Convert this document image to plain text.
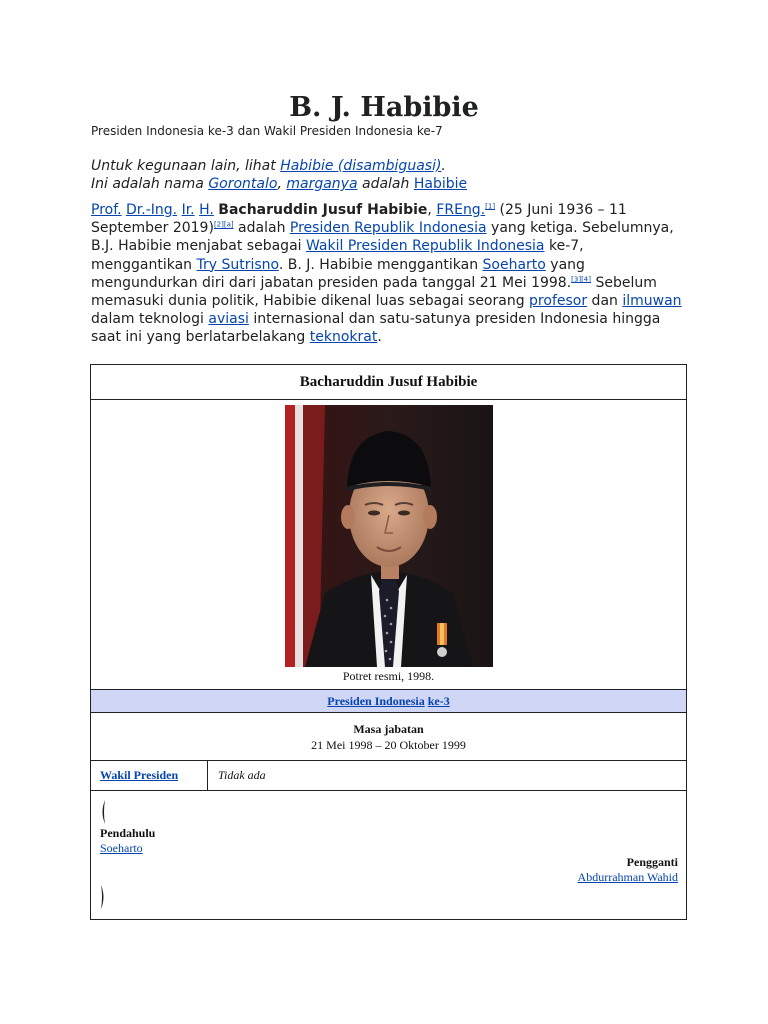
B. J. Habibie
Presiden Indonesia ke-3 dan Wakil Presiden Indonesia ke-7
Untuk kegunaan lain, lihat Habibie (disambiguasi).
Ini adalah nama Gorontalo, marganya adalah Habibie
Prof. Dr.-Ing. Ir. H. Bacharuddin Jusuf Habibie, FREng.[1] (25 Juni 1936 – 11 September 2019)[2][a] adalah Presiden Republik Indonesia yang ketiga. Sebelumnya, B.J. Habibie menjabat sebagai Wakil Presiden Republik Indonesia ke-7, menggantikan Try Sutrisno. B. J. Habibie menggantikan Soeharto yang mengundurkan diri dari jabatan presiden pada tanggal 21 Mei 1998.[3][4] Sebelum memasuki dunia politik, Habibie dikenal luas sebagai seorang profesor dan ilmuwan dalam teknologi aviasi internasional dan satu-satunya presiden Indonesia hingga saat ini yang berlatarbelakang teknokrat.
Bacharuddin Jusuf Habibie
Potret resmi, 1998.
Presiden Indonesia ke-3
Masa jabatan
21 Mei 1998 – 20 Oktober 1999
Wakil Presiden	Tidak ada
Pendahulu
Soeharto
Pengganti
Abdurrahman Wahid
